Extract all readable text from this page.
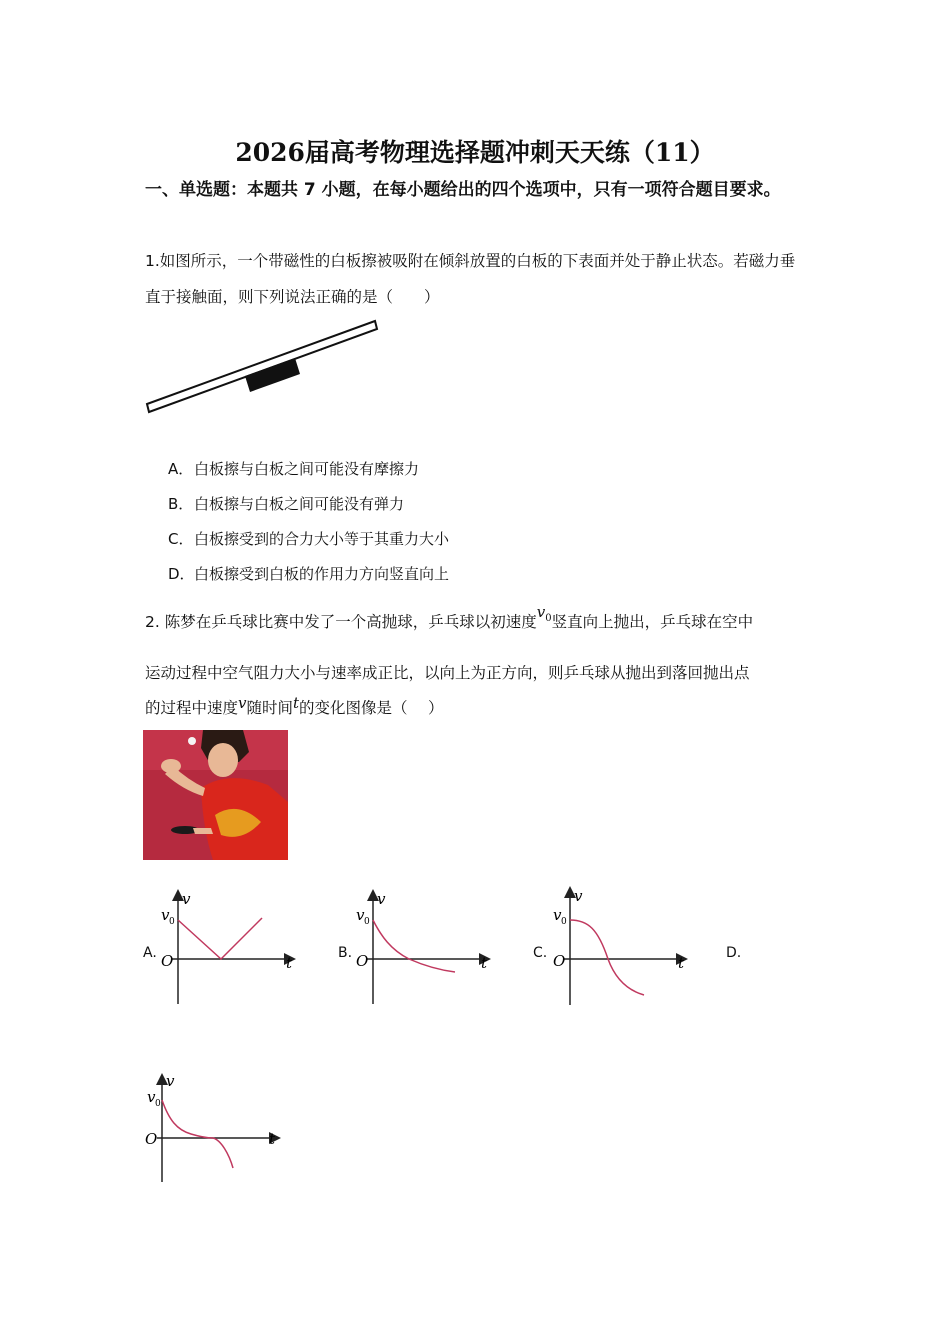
2026届高考物理选择题冲刺天天练（11）
一、单选题：本题共 7 小题，在每小题给出的四个选项中，只有一项符合题目要求。
1.如图所示，一个带磁性的白板擦被吸附在倾斜放置的白板的下表面并处于静止状态。若磁力垂直于接触面，则下列说法正确的是（　　）
A．白板擦与白板之间可能没有摩擦力
B．白板擦与白板之间可能没有弹力
C．白板擦受到的合力大小等于其重力大小
D．白板擦受到白板的作用力方向竖直向上
2. 陈梦在乒乓球比赛中发了一个高抛球，乒乓球以初速度$v_0$竖直向上抛出，乒乓球在空中
运动过程中空气阻力大小与速率成正比，以向上为正方向，则乒乓球从抛出到落回抛出点
的过程中速度v随时间t的变化图像是（　 ）
A.	B.	C.	D.
v
v 0
O	t
v
v 0
O	t
v
v 0
O	t
v
v 0
O	t
